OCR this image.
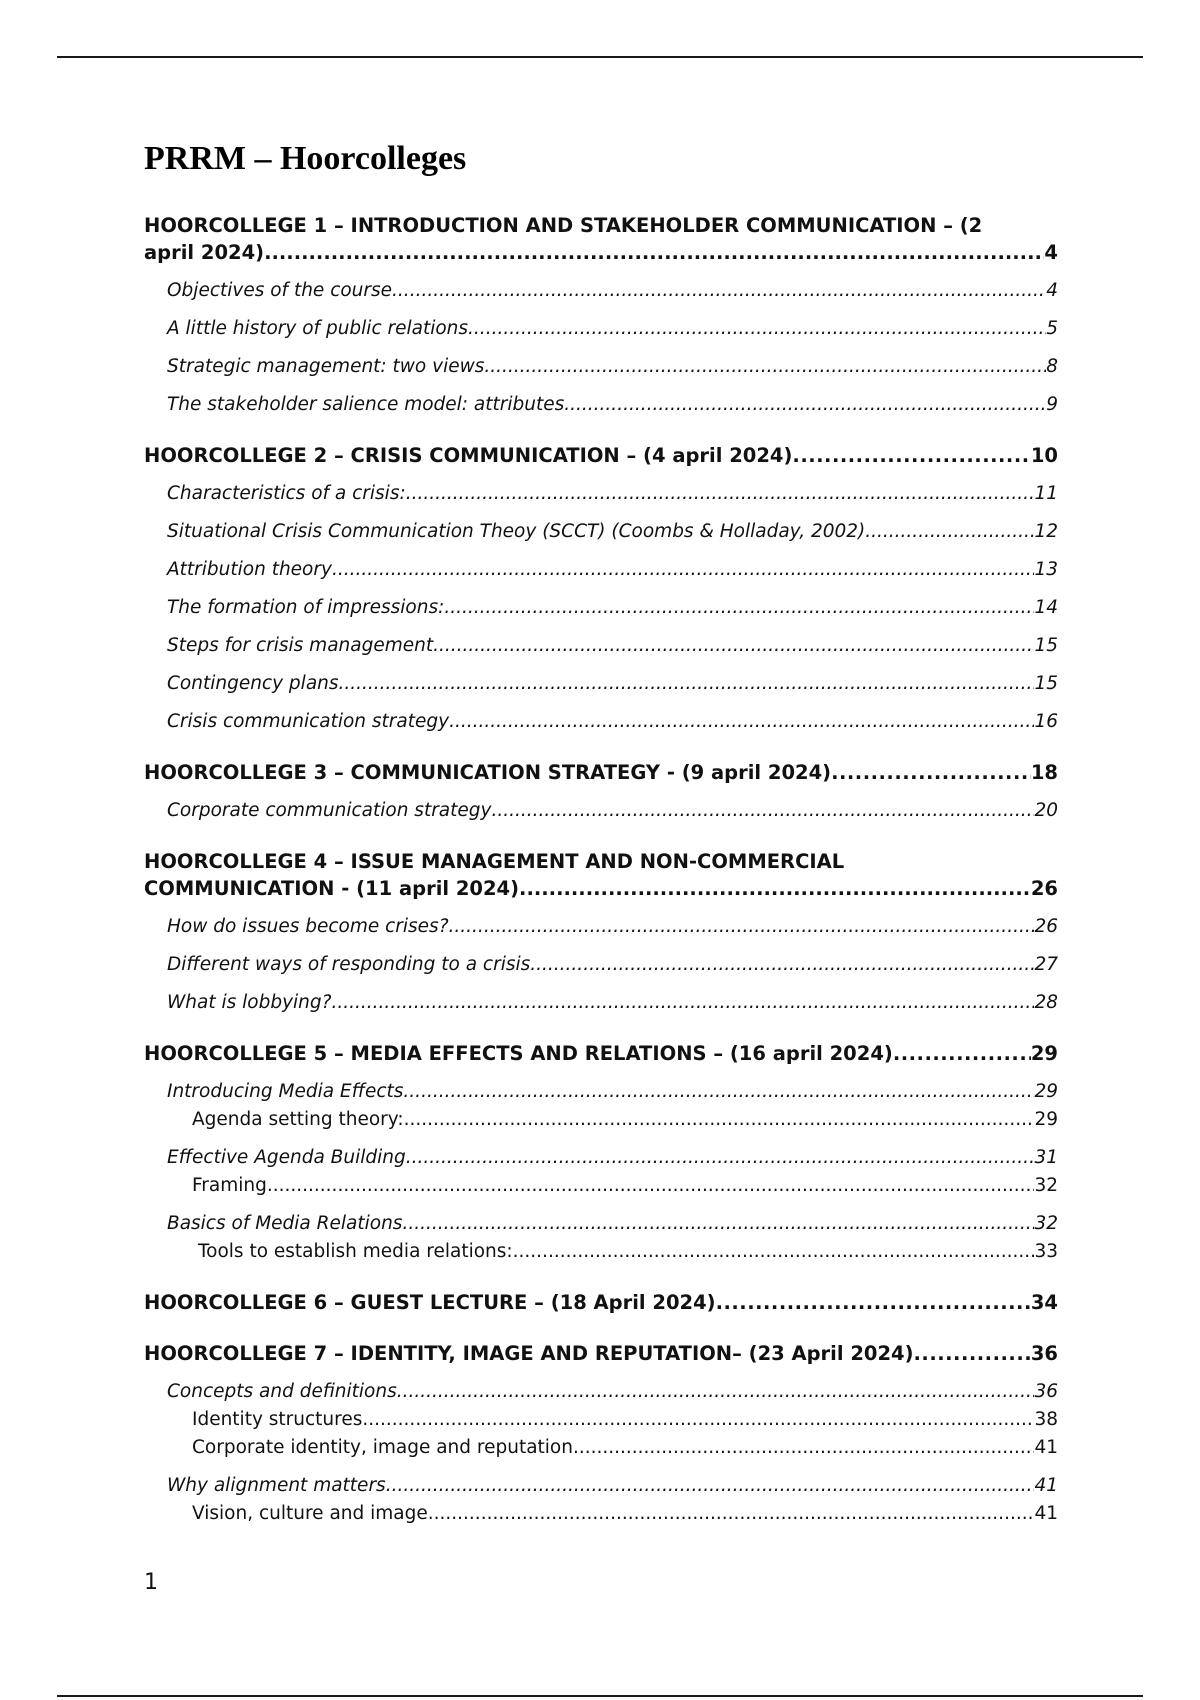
PRRM – Hoorcolleges
HOORCOLLEGE 1 – INTRODUCTION AND STAKEHOLDER COMMUNICATION – (2
april 2024) .....	4
Objectives of the course .....	4
A little history of public relations .....	5
Strategic management: two views .....	8
The stakeholder salience model: attributes .....	9
HOORCOLLEGE 2 – CRISIS COMMUNICATION – (4 april 2024) .....	10
Characteristics of a crisis: .....	11
Situational Crisis Communication Theoy (SCCT) (Coombs & Holladay, 2002) .....	12
Attribution theory .....	13
The formation of impressions: .....	14
Steps for crisis management .....	15
Contingency plans .....	15
Crisis communication strategy .....	16
HOORCOLLEGE 3 – COMMUNICATION STRATEGY - (9 april 2024) .....	18
Corporate communication strategy .....	20
HOORCOLLEGE 4 – ISSUE MANAGEMENT AND NON-COMMERCIAL
COMMUNICATION - (11 april 2024) .....	26
How do issues become crises? .....	26
Different ways of responding to a crisis .....	27
What is lobbying? .....	28
HOORCOLLEGE 5 – MEDIA EFFECTS AND RELATIONS – (16 april 2024) .....	29
Introducing Media Effects .....	29
Agenda setting theory: .....	29
Effective Agenda Building .....	31
Framing .....	32
Basics of Media Relations .....	32
Tools to establish media relations: .....	33
HOORCOLLEGE 6 – GUEST LECTURE – (18 April 2024) .....	34
HOORCOLLEGE 7 – IDENTITY, IMAGE AND REPUTATION– (23 April 2024) .....	36
Concepts and definitions .....	36
Identity structures .....	38
Corporate identity, image and reputation .....	41
Why alignment matters .....	41
Vision, culture and image .....	41
1
